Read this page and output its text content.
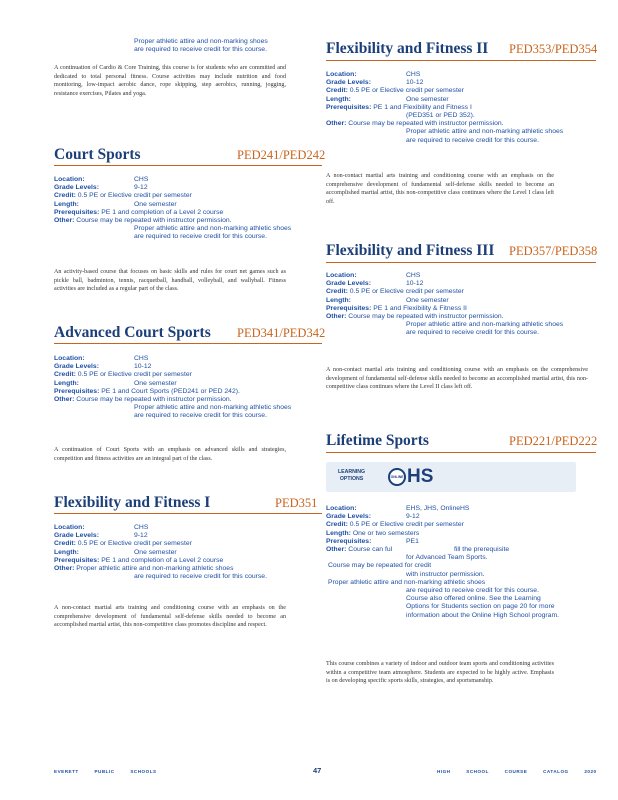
Proper athletic attire and non-marking shoes
are required to receive credit for this course.
A continuation of Cardio & Core Training, this course is for students who are committed and dedicated to total personal fitness. Course activities may include nutrition and food monitoring, low-impact aerobic dance, rope skipping, step aerobics, running, jogging, resistance exercises, Pilates and yoga.
Court Sports	PED241/PED242
Location:	CHS
Grade Levels:	9-12
Credit: 0.5 PE or Elective credit per semester
Length:	One semester
Prerequisites: PE 1 and completion of a Level 2 course
Other: Course may be repeated with instructor permission.
Proper athletic attire and non-marking athletic shoes
are required to receive credit for this course.
An activity-based course that focuses on basic skills and rules for court net games such as pickle ball, badminton, tennis, racquetball, handball, volleyball, and wallyball. Fitness activities are included as a regular part of the class.
Advanced Court Sports PED341/PED342
Location:	CHS
Grade Levels:	10-12
Credit: 0.5 PE or Elective credit per semester
Length:	One semester
Prerequisites: PE 1 and Court Sports (PED241 or PED 242).
Other: Course may be repeated with instructor permission.
Proper athletic attire and non-marking athletic shoes
are required to receive credit for this course.
A continuation of Court Sports with an emphasis on advanced skills and strategies, competition and fitness activities are an integral part of the class.
Flexibility and Fitness I	PED351
Location:	CHS
Grade Levels:	9-12
Credit: 0.5 PE or Elective credit per semester
Length:	One semester
Prerequisites: PE 1 and completion of a Level 2 course
Other: Proper athletic attire and non-marking athletic shoes
are required to receive credit for this course.
A non-contact martial arts training and conditioning course with an emphasis on the comprehensive development of fundamental self-defense skills needed to become an accomplished martial artist, this non-competitive class promotes discipline and respect.
Flexibility and Fitness II PED353/PED354
Location:	CHS
Grade Levels:	10-12
Credit: 0.5 PE or Elective credit per semester
Length:	One semester
Prerequisites: PE 1 and Flexibility and Fitness I
(PED351 or PED 352).
Other: Course may be repeated with instructor permission.
Proper athletic attire and non-marking athletic shoes
are required to receive credit for this course.
A non-contact martial arts training and conditioning course with an emphasis on the comprehensive development of fundamental self-defense skills needed to become an accomplished martial artist, this non-competitive class continues where the Level I class left off.
Flexibility and Fitness III PED357/PED358
Location:	CHS
Grade Levels:	10-12
Credit: 0.5 PE or Elective credit per semester
Length:	One semester
Prerequisites: PE 1 and Flexibility & Fitness II
Other: Course may be repeated with instructor permission.
Proper athletic attire and non-marking athletic shoes
are required to receive credit for this course.
A non-contact martial arts training and conditioning course with an emphasis on the comprehensive development of fundamental self-defense skills needed to become an accomplished martial artist, this non-competitive class continues where the Level II class left off.
Lifetime Sports	PED221/PED222
LEARNING
OPTIONS	ONLINE HS
Location:	EHS, JHS, OnlineHS
Grade Levels:	9-12
Credit: 0.5 PE or Elective credit per semester
Length: One or two semesters
Prerequisites:	PE1
Other: Course can ful	fill the prerequisite
for Advanced Team Sports.
Course may be repeated for credit
with instructor permission.
Proper athletic attire and non-marking athletic shoes
are required to receive credit for this course.
Course also offered online. See the Learning
Options for Students section on page 20 for more
information about the Online High School program.
This course combines a variety of indoor and outdoor team sports and conditioning activities within a competitive team atmosphere. Students are expected to be highly active. Emphasis is on developing specific sports skills, strategies, and sportsmanship.
EVERETT	PUBLIC	SCHOOLS	47	HIGH	SCHOOL	COURSE	CATALOG	2020
